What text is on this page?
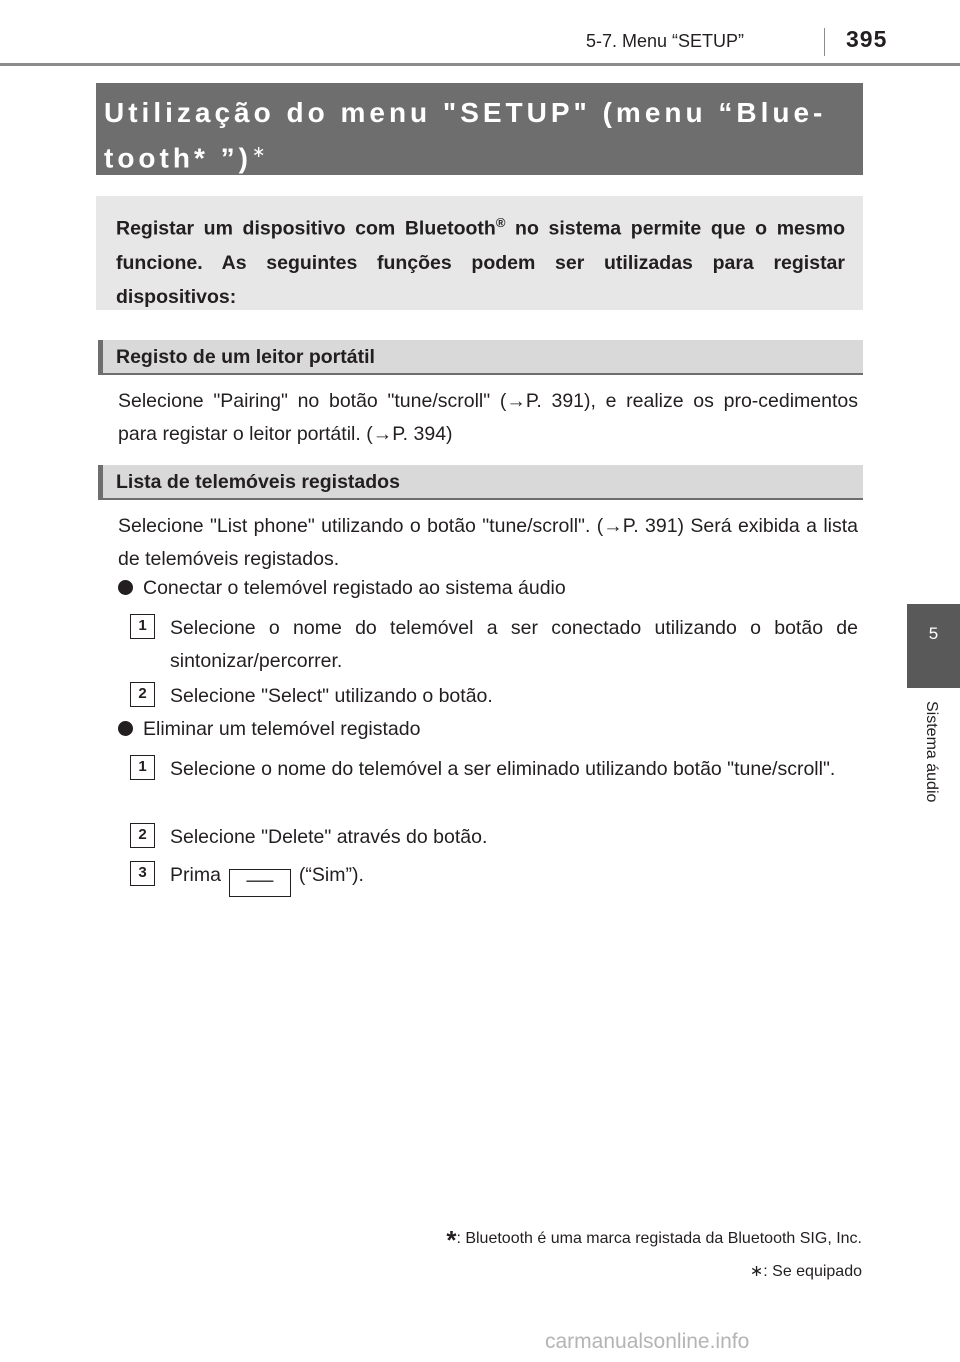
5-7. Menu “SETUP”	395
5
Sistema áudio
Utilização do menu "SETUP" (menu “Blue-tooth* ”)∗
Registar um dispositivo com Bluetooth® no sistema permite que o mesmo funcione. As seguintes funções podem ser utilizadas para registar dispositivos:
Registo de um leitor portátil
Selecione "Pairing" no botão "tune/scroll" (→P. 391), e realize os pro-cedimentos para registar o leitor portátil. (→P. 394)
Lista de telemóveis registados
Selecione "List phone" utilizando o botão "tune/scroll". (→P. 391) Será exibida a lista de telemóveis registados.
Conectar o telemóvel registado ao sistema áudio
1	Selecione o nome do telemóvel a ser conectado utilizando o botão de sintonizar/percorrer.
2	Selecione "Select" utilizando o botão.
Eliminar um telemóvel registado
1	Selecione o nome do telemóvel a ser eliminado utilizando botão "tune/scroll".
2	Selecione "Delete" através do botão.
3	Prima ── (“Sim”).
*: Bluetooth é uma marca registada da Bluetooth SIG, Inc.
∗: Se equipado
carmanualsonline.info
